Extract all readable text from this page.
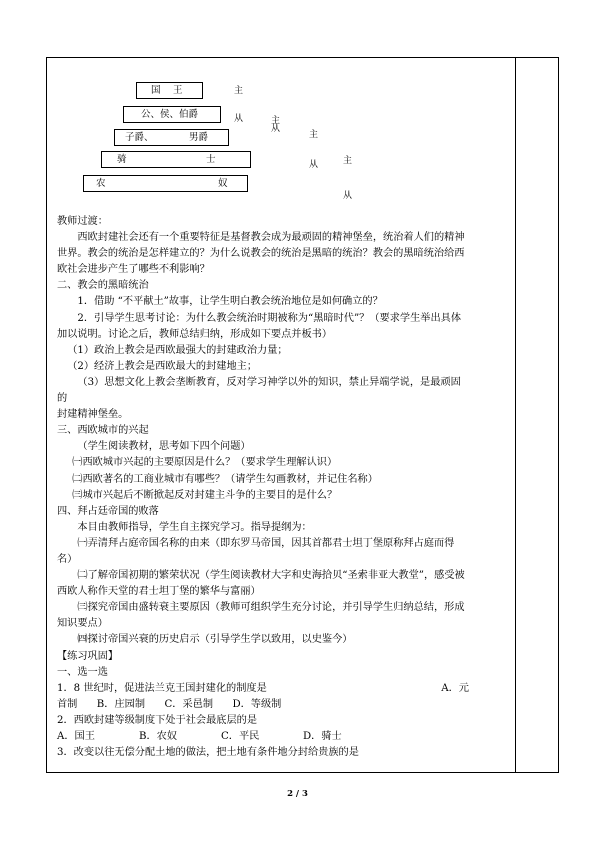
国 王
公、侯、伯爵
子爵、	男爵
骑	士
农	奴
主
从	主
从
主
从	主
从

教师过渡：

西欧封建社会还有一个重要特征是基督教会成为最顽固的精神堡垒，统治着人们的精神世界。教会的统治是怎样建立的？为什么说教会的统治是黑暗的统治？教会的黑暗统治给西欧社会进步产生了哪些不利影响？

二、教会的黑暗统治

1．借助 “不平献土”故事，让学生明白教会统治地位是如何确立的？

2．引导学生思考讨论：为什么教会统治时期被称为“黑暗时代”？（要求学生举出具体加以说明。讨论之后，教师总结归纳，形成如下要点并板书）

（1）政治上教会是西欧最强大的封建政治力量；

（2）经济上教会是西欧最大的封建地主；

（3）思想文化上教会垄断教育，反对学习神学以外的知识，禁止异端学说，是最顽固的

封建精神堡垒。

三、西欧城市的兴起

（学生阅读教材，思考如下四个问题）

㈠西欧城市兴起的主要原因是什么？（要求学生理解认识）

㈡西欧著名的工商业城市有哪些？（请学生勾画教材，并记住名称）

㈢城市兴起后不断掀起反对封建主斗争的主要目的是什么？

四、拜占廷帝国的败落

本目由教师指导，学生自主探究学习。指导提纲为：

㈠弄清拜占庭帝国名称的由来（即东罗马帝国，因其首都君士坦丁堡原称拜占庭而得名）

㈡了解帝国初期的繁荣状况（学生阅读教材大字和史海拾贝“圣索非亚大教堂”，感受被西欧人称作天堂的君士坦丁堡的繁华与富丽）

㈢探究帝国由盛转衰主要原因（教师可组织学生充分讨论，并引导学生归纳总结，形成知识要点）

㈣探讨帝国兴衰的历史启示（引导学生学以致用，以史鉴今）

【练习巩固】

一、选一选

1．8 世纪时，促进法兰克王国封建化的制度是	A．元

首制      B．庄园制      C．采邑制      D．等级制

2．西欧封建等级制度下处于社会最底层的是

A．国王	B．农奴	C．平民	D．骑士

3．改变以往无偿分配土地的做法，把土地有条件地分封给贵族的是

2 / 3
